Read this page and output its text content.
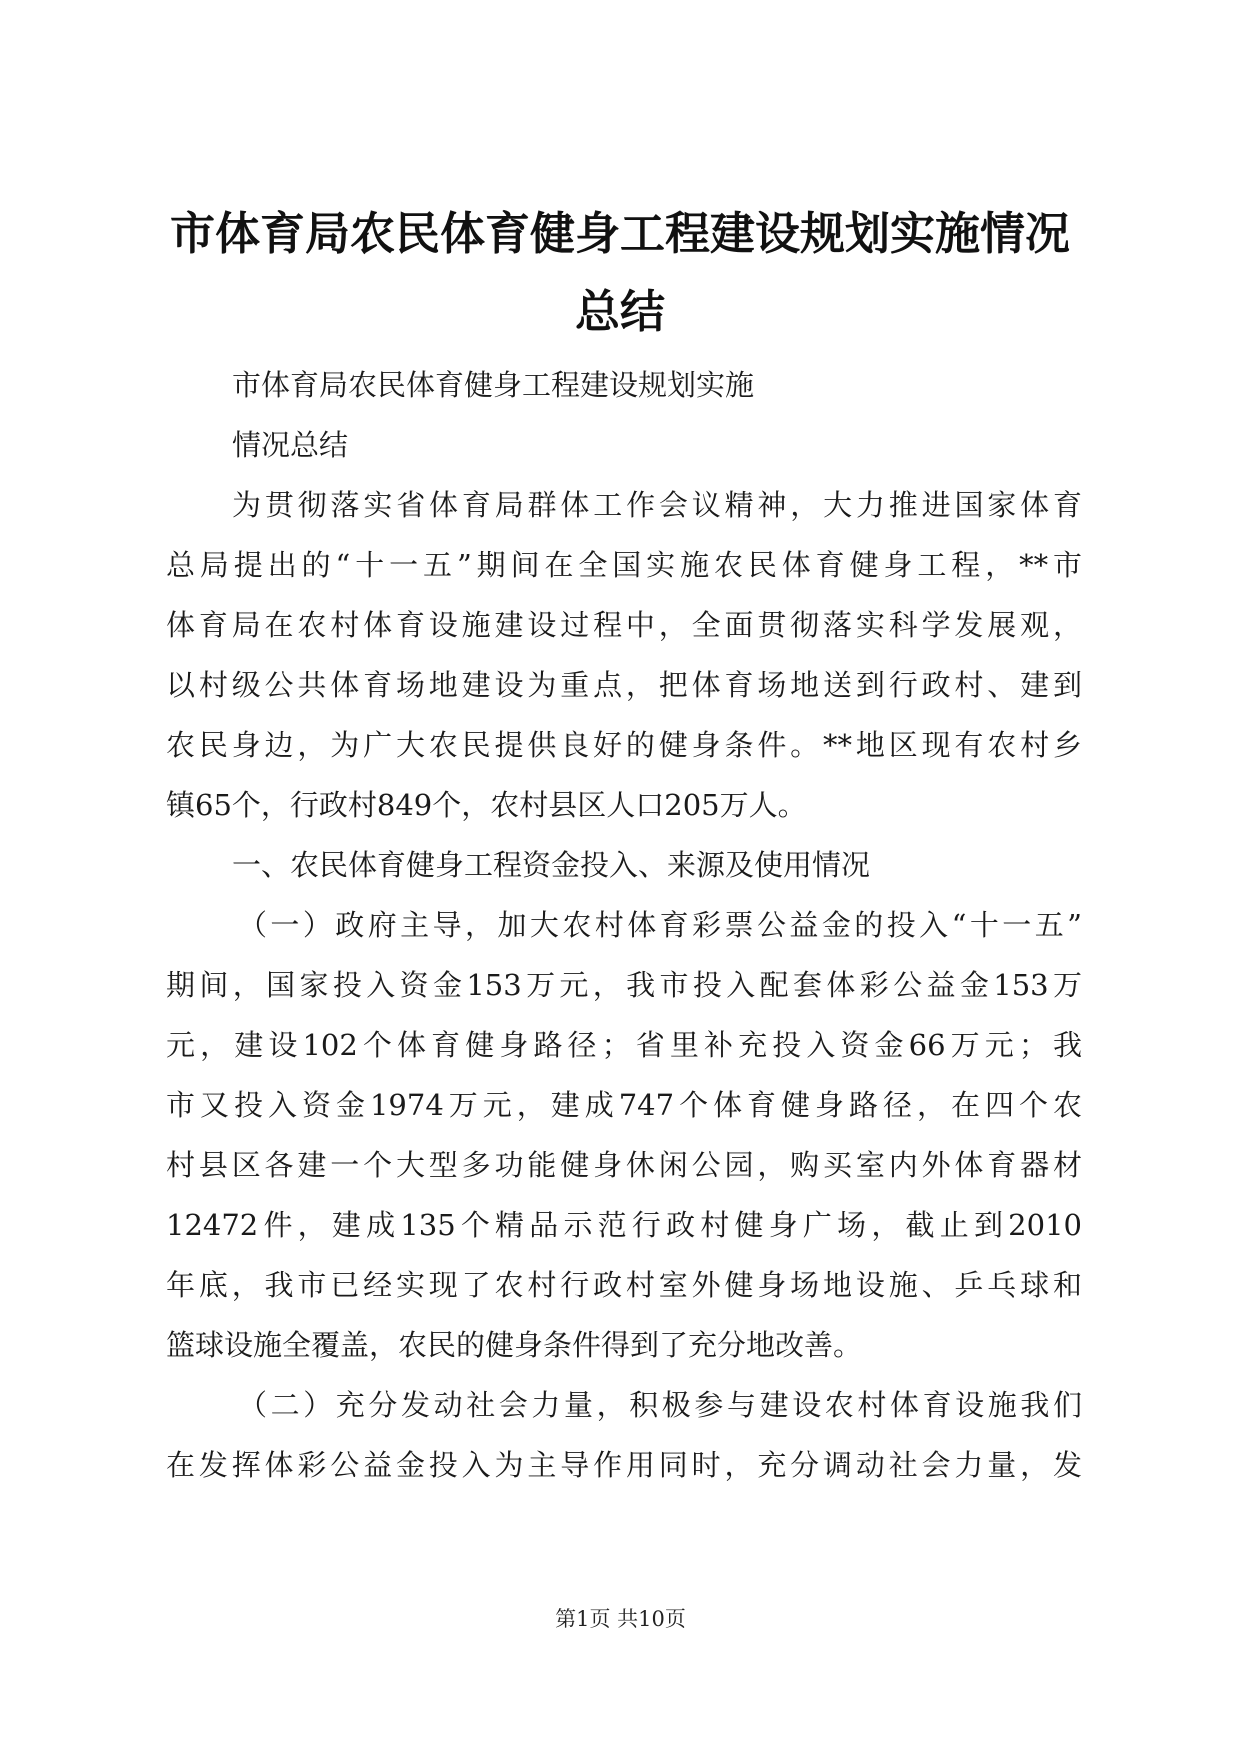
市体育局农民体育健身工程建设规划实施情况
总结
市体育局农民体育健身工程建设规划实施
情况总结
为贯彻落实省体育局群体工作会议精神，大力推进国家体育
总局提出的“十一五”期间在全国实施农民体育健身工程，**市
体育局在农村体育设施建设过程中，全面贯彻落实科学发展观，
以村级公共体育场地建设为重点，把体育场地送到行政村、建到
农民身边，为广大农民提供良好的健身条件。**地区现有农村乡
镇65个，行政村849个，农村县区人口205万人。
一、农民体育健身工程资金投入、来源及使用情况
（一）政府主导，加大农村体育彩票公益金的投入“十一五”
期间，国家投入资金153万元，我市投入配套体彩公益金153万
元，建设102个体育健身路径；省里补充投入资金66万元；我
市又投入资金1974万元，建成747个体育健身路径，在四个农
村县区各建一个大型多功能健身休闲公园，购买室内外体育器材
12472件，建成135个精品示范行政村健身广场，截止到2010
年底，我市已经实现了农村行政村室外健身场地设施、乒乓球和
篮球设施全覆盖，农民的健身条件得到了充分地改善。
（二）充分发动社会力量，积极参与建设农村体育设施我们
在发挥体彩公益金投入为主导作用同时，充分调动社会力量，发
第1页 共10页
